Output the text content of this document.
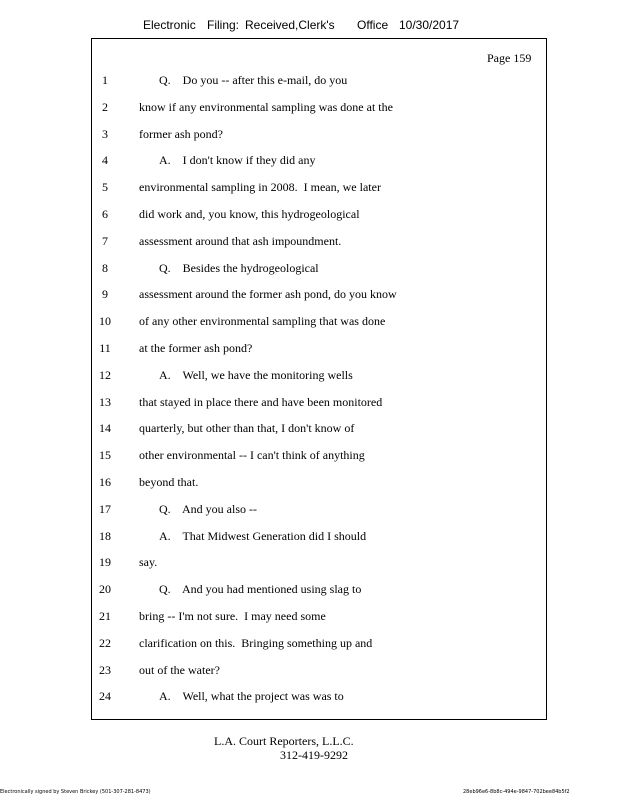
Electronic Filing: Received,Clerk's Office 10/30/2017
Page 159
1	Q.    Do you -- after this e-mail, do you
2	know if any environmental sampling was done at the
3	former ash pond?
4	A.    I don't know if they did any
5	environmental sampling in 2008.  I mean, we later
6	did work and, you know, this hydrogeological
7	assessment around that ash impoundment.
8	Q.    Besides the hydrogeological
9	assessment around the former ash pond, do you know
10 of any other environmental sampling that was done
11 at the former ash pond?
12	A.    Well, we have the monitoring wells
13 that stayed in place there and have been monitored
14 quarterly, but other than that, I don't know of
15 other environmental -- I can't think of anything
16 beyond that.
17	Q.    And you also --
18	A.    That Midwest Generation did I should
19 say.
20	Q.    And you had mentioned using slag to
21 bring -- I'm not sure.  I may need some
22 clarification on this.  Bringing something up and
23 out of the water?
24	A.    Well, what the project was was to
L.A. Court Reporters, L.L.C.
312-419-9292
Electronically signed by Steven Brickey (501-307-281-8473)	28eb96e6-8b8c-494e-9847-702bee84b5f2
